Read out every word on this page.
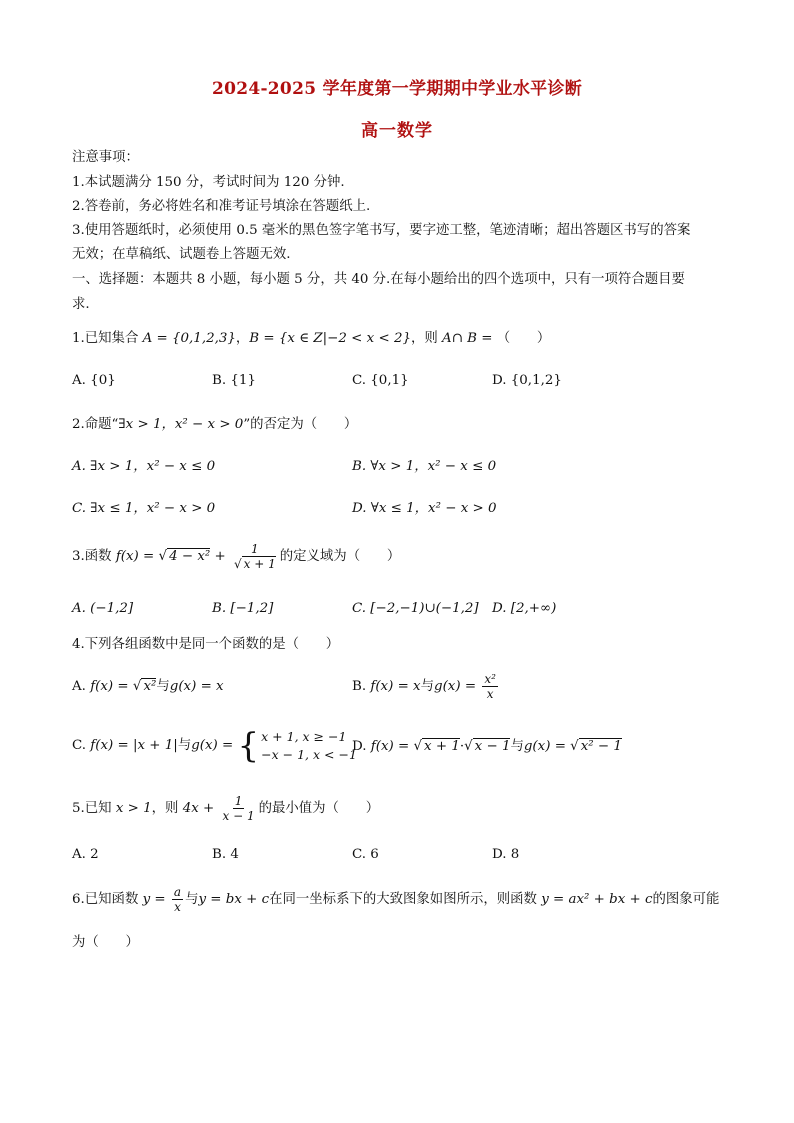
2024-2025 学年度第一学期期中学业水平诊断
高一数学
注意事项：
1.本试题满分 150 分，考试时间为 120 分钟.
2.答卷前，务必将姓名和准考证号填涂在答题纸上.
3.使用答题纸时，必须使用 0.5 毫米的黑色签字笔书写，要字迹工整，笔迹清晰；超出答题区书写的答案
无效；在草稿纸、试题卷上答题无效.
一、选择题：本题共 8 小题，每小题 5 分，共 40 分.在每小题给出的四个选项中，只有一项符合题目要
求.
1.已知集合 A = {0,1,2,3}，B = {x ∈ Z|−2 < x < 2}，则 A∩ B = （　　）
A. {0}	B. {1}	C. {0,1}	D. {0,1,2}
2.命题“∃x > 1，x² − x > 0”的否定为（　　）
A. ∃x > 1，x² − x ≤ 0	B. ∀x > 1，x² − x ≤ 0
C. ∃x ≤ 1，x² − x > 0	D. ∀x ≤ 1，x² − x > 0
3.函数 f(x) = √ $4 - x^2 + \frac{1}{√ x + 1}$ 的定义域为（　　）
A. (−1,2]	B. [−1,2]	C. [−2,−1)∪(−1,2] D. [2,+∞)
4.下列各组函数中是同一个函数的是（　　）
A. f(x) = √ x²与g(x) = x	B. f(x) = x与$g(x) = \frac{\text{x²}}{x}$
C. f(x) = |x + 1|与g(x) = { x + 1, x ≥ −1
−x − 1, x < −1
D. f(x) = √ x + 1·√ x − 1与g(x) = √ x² − 1
5.已知 x > 1，则 $4x + \frac{1}{x - 1}$ 的最小值为（　　）
A. 2	B. 4	C. 6	D. 8
6.已知函数 $y = \frac{a}{x}$ 与y = bx + c在同一坐标系下的大致图象如图所示，则函数 y = ax² + bx + c的图象可能
为（　　）
